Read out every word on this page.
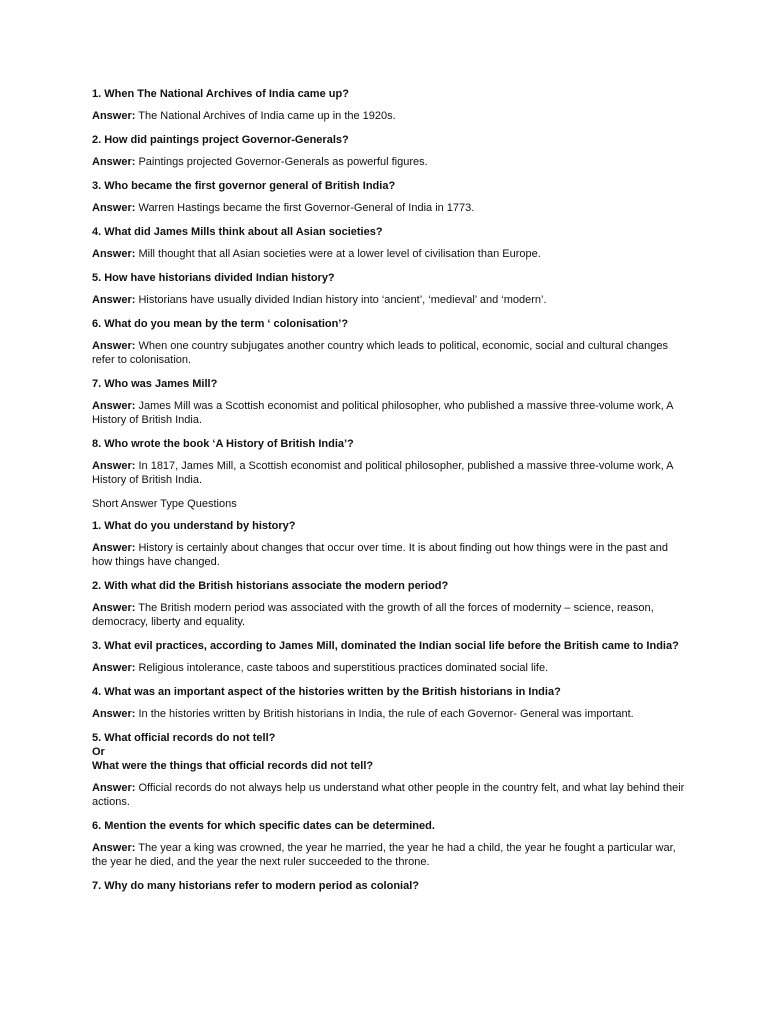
1. When The National Archives of India came up?

Answer: The National Archives of India came up in the 1920s.

2. How did paintings project Governor-Generals?

Answer: Paintings projected Governor-Generals as powerful figures.

3. Who became the first governor general of British India?

Answer: Warren Hastings became the first Governor-General of India in 1773.

4. What did James Mills think about all Asian societies?

Answer: Mill thought that all Asian societies were at a lower level of civilisation than Europe.

5. How have historians divided Indian history?

Answer: Historians have usually divided Indian history into ‘ancient’, ‘medieval’ and ‘modern’.

6. What do you mean by the term ‘ colonisation’?

Answer: When one country subjugates another country which leads to political, economic, social and cultural changes refer to colonisation.

7. Who was James Mill?

Answer: James Mill was a Scottish economist and political philosopher, who published a massive three-volume work, A History of British India.

8. Who wrote the book ‘A History of British India’?

Answer: In 1817, James Mill, a Scottish economist and political philosopher, published a massive three-volume work, A History of British India.

Short Answer Type Questions

1. What do you understand by history?

Answer: History is certainly about changes that occur over time. It is about finding out how things were in the past and how things have changed.

2. With what did the British historians associate the modern period?

Answer: The British modern period was associated with the growth of all the forces of modernity – science, reason, democracy, liberty and equality.

3. What evil practices, according to James Mill, dominated the Indian social life before the British came to India?

Answer: Religious intolerance, caste taboos and superstitious practices dominated social life.

4. What was an important aspect of the histories written by the British historians in India?

Answer: In the histories written by British historians in India, the rule of each Governor- General was important.

5. What official records do not tell?

Or

What were the things that official records did not tell?

Answer: Official records do not always help us understand what other people in the country felt, and what lay behind their actions.

6. Mention the events for which specific dates can be determined.

Answer: The year a king was crowned, the year he married, the year he had a child, the year he fought a particular war, the year he died, and the year the next ruler succeeded to the throne.

7. Why do many historians refer to modern period as colonial?
